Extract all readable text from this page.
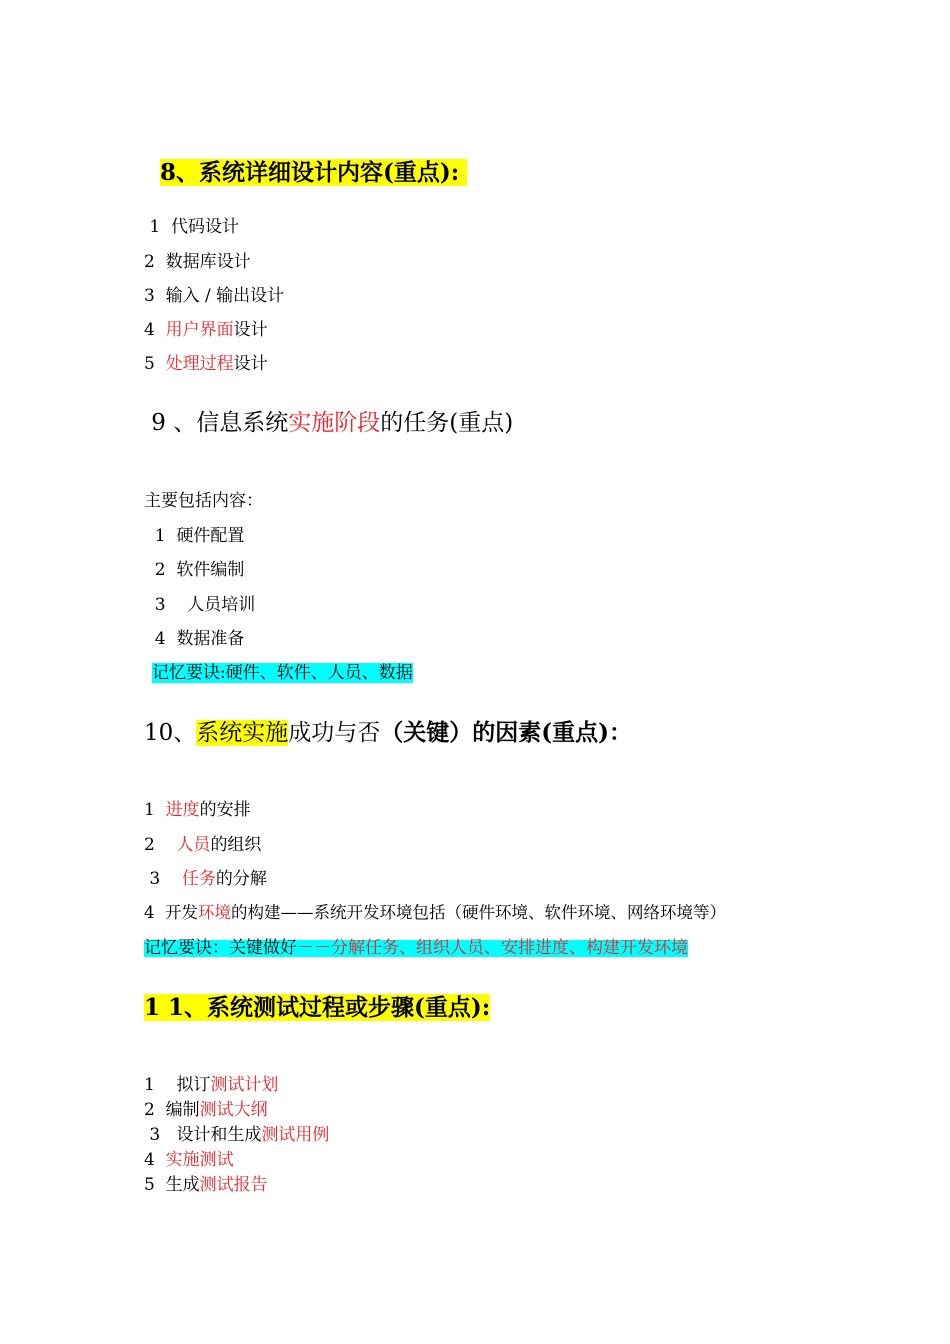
8、系统详细设计内容(重点):

1  代码设计
2  数据库设计
3  输入 / 输出设计
4  用户界面设计
5  处理过程设计
9 、信息系统实施阶段的任务(重点)
主要包括内容：
1  硬件配置
2  软件编制
3    人员培训
4  数据准备
记忆要诀:硬件、软件、人员、数据
10、系统实施成功与否（关键）的因素(重点)：
1  进度的安排
2    人员的组织
3    任务的分解
4  开发环境的构建——系统开发环境包括（硬件环境、软件环境、网络环境等）
记忆要诀：关键做好－－分解任务、组织人员、安排进度、构建开发环境
1 1、系统测试过程或步骤(重点):
1    拟订测试计划
2  编制测试大纲
3   设计和生成测试用例
4  实施测试
5  生成测试报告
